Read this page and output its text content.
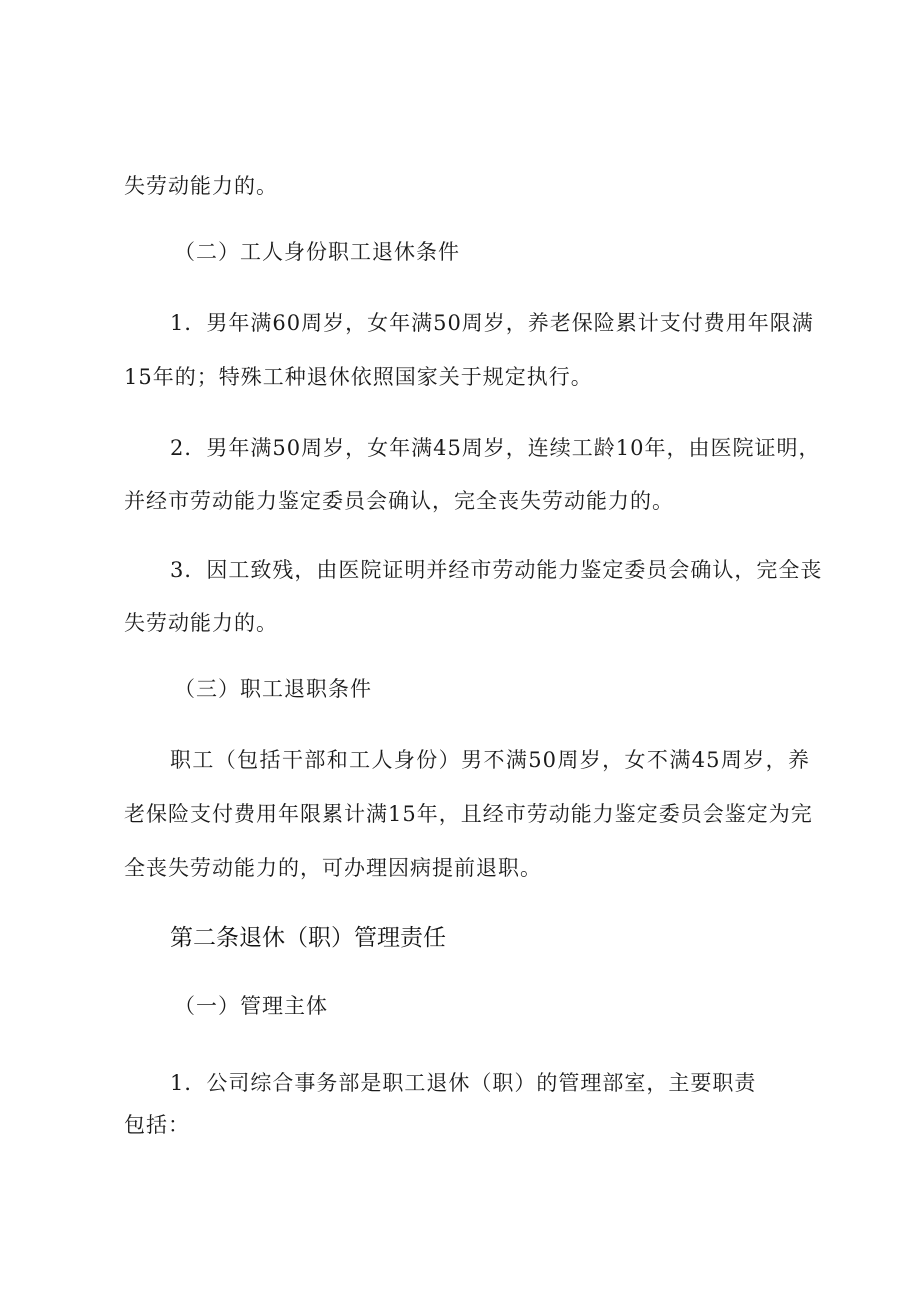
失劳动能力的。
（二）工人身份职工退休条件
1．男年满60周岁，女年满50周岁，养老保险累计支付费用年限满
15年的；特殊工种退休依照国家关于规定执行。
2．男年满50周岁，女年满45周岁，连续工龄10年，由医院证明，
并经市劳动能力鉴定委员会确认，完全丧失劳动能力的。
3．因工致残，由医院证明并经市劳动能力鉴定委员会确认，完全丧
失劳动能力的。
（三）职工退职条件
职工（包括干部和工人身份）男不满50周岁，女不满45周岁，养
老保险支付费用年限累计满15年，且经市劳动能力鉴定委员会鉴定为完
全丧失劳动能力的，可办理因病提前退职。
第二条退休（职）管理责任
（一）管理主体
1．公司综合事务部是职工退休（职）的管理部室，主要职责
包括：
